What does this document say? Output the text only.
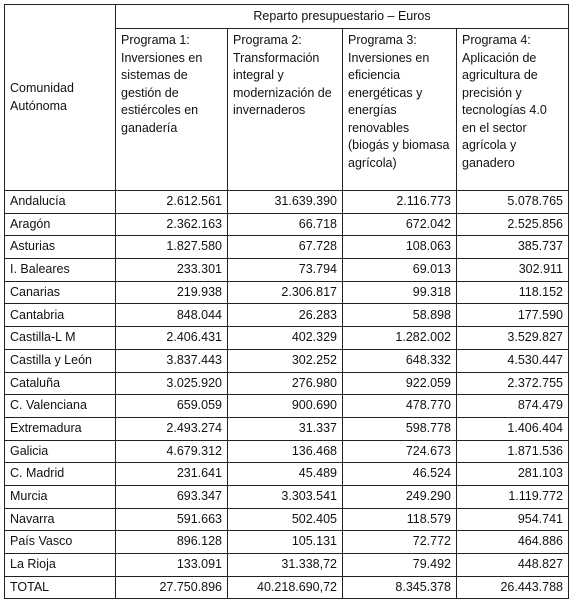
Comunidad Autónoma	Reparto presupuestario – Euros			
	Programa 1: Inversiones en sistemas de gestión de estiércoles en ganadería	Programa 2: Transformación integral y modernización de invernaderos	Programa 3: Inversiones en eficiencia energéticas y energías renovables (biogás y biomasa agrícola)	Programa 4: Aplicación de agricultura de precisión y tecnologías 4.0 en el sector agrícola y ganadero
Andalucía	2.612.561	31.639.390	2.116.773	5.078.765
Aragón	2.362.163	66.718	672.042	2.525.856
Asturias	1.827.580	67.728	108.063	385.737
I. Baleares	233.301	73.794	69.013	302.911
Canarias	219.938	2.306.817	99.318	118.152
Cantabria	848.044	26.283	58.898	177.590
Castilla-L M	2.406.431	402.329	1.282.002	3.529.827
Castilla y León	3.837.443	302.252	648.332	4.530.447
Cataluña	3.025.920	276.980	922.059	2.372.755
C. Valenciana	659.059	900.690	478.770	874.479
Extremadura	2.493.274	31.337	598.778	1.406.404
Galicia	4.679.312	136.468	724.673	1.871.536
C. Madrid	231.641	45.489	46.524	281.103
Murcia	693.347	3.303.541	249.290	1.119.772
Navarra	591.663	502.405	118.579	954.741
País Vasco	896.128	105.131	72.772	464.886
La Rioja	133.091	31.338,72	79.492	448.827
TOTAL	27.750.896	40.218.690,72	8.345.378	26.443.788
